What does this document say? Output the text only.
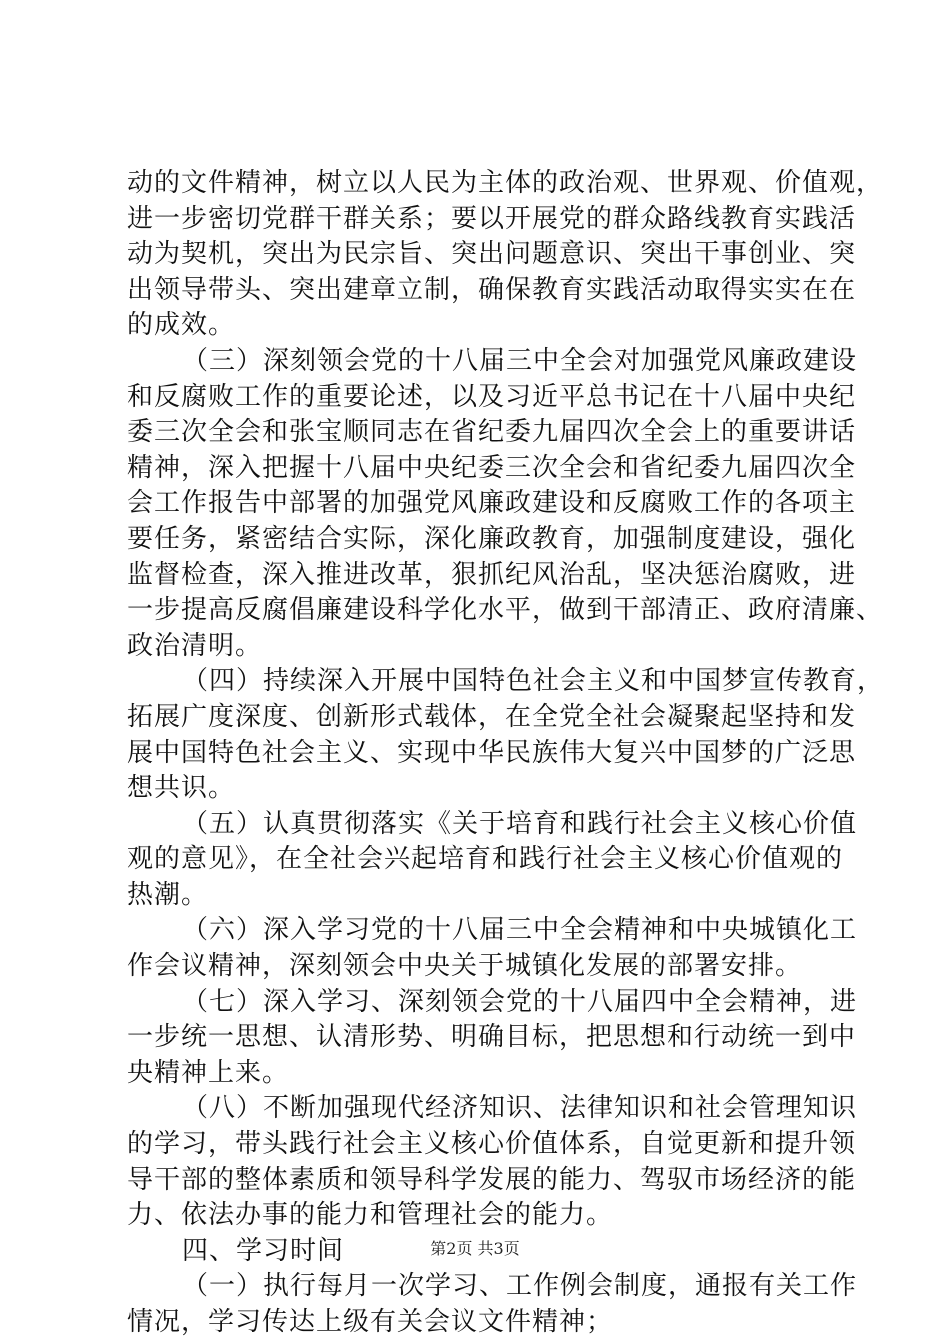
动的文件精神，树立以人民为主体的政治观、世界观、价值观，
进一步密切党群干群关系；要以开展党的群众路线教育实践活
动为契机，突出为民宗旨、突出问题意识、突出干事创业、突
出领导带头、突出建章立制，确保教育实践活动取得实实在在
的成效。
（三）深刻领会党的十八届三中全会对加强党风廉政建设
和反腐败工作的重要论述，以及习近平总书记在十八届中央纪
委三次全会和张宝顺同志在省纪委九届四次全会上的重要讲话
精神，深入把握十八届中央纪委三次全会和省纪委九届四次全
会工作报告中部署的加强党风廉政建设和反腐败工作的各项主
要任务，紧密结合实际，深化廉政教育，加强制度建设，强化
监督检查，深入推进改革，狠抓纪风治乱，坚决惩治腐败，进
一步提高反腐倡廉建设科学化水平，做到干部清正、政府清廉、
政治清明。
（四）持续深入开展中国特色社会主义和中国梦宣传教育，
拓展广度深度、创新形式载体，在全党全社会凝聚起坚持和发
展中国特色社会主义、实现中华民族伟大复兴中国梦的广泛思
想共识。
（五）认真贯彻落实《关于培育和践行社会主义核心价值
观的意见》，在全社会兴起培育和践行社会主义核心价值观的
热潮。
（六）深入学习党的十八届三中全会精神和中央城镇化工
作会议精神，深刻领会中央关于城镇化发展的部署安排。
（七）深入学习、深刻领会党的十八届四中全会精神，进
一步统一思想、认清形势、明确目标，把思想和行动统一到中
央精神上来。
（八）不断加强现代经济知识、法律知识和社会管理知识
的学习，带头践行社会主义核心价值体系，自觉更新和提升领
导干部的整体素质和领导科学发展的能力、驾驭市场经济的能
力、依法办事的能力和管理社会的能力。
四、学习时间
（一）执行每月一次学习、工作例会制度，通报有关工作
情况，学习传达上级有关会议文件精神；
第2页 共3页
